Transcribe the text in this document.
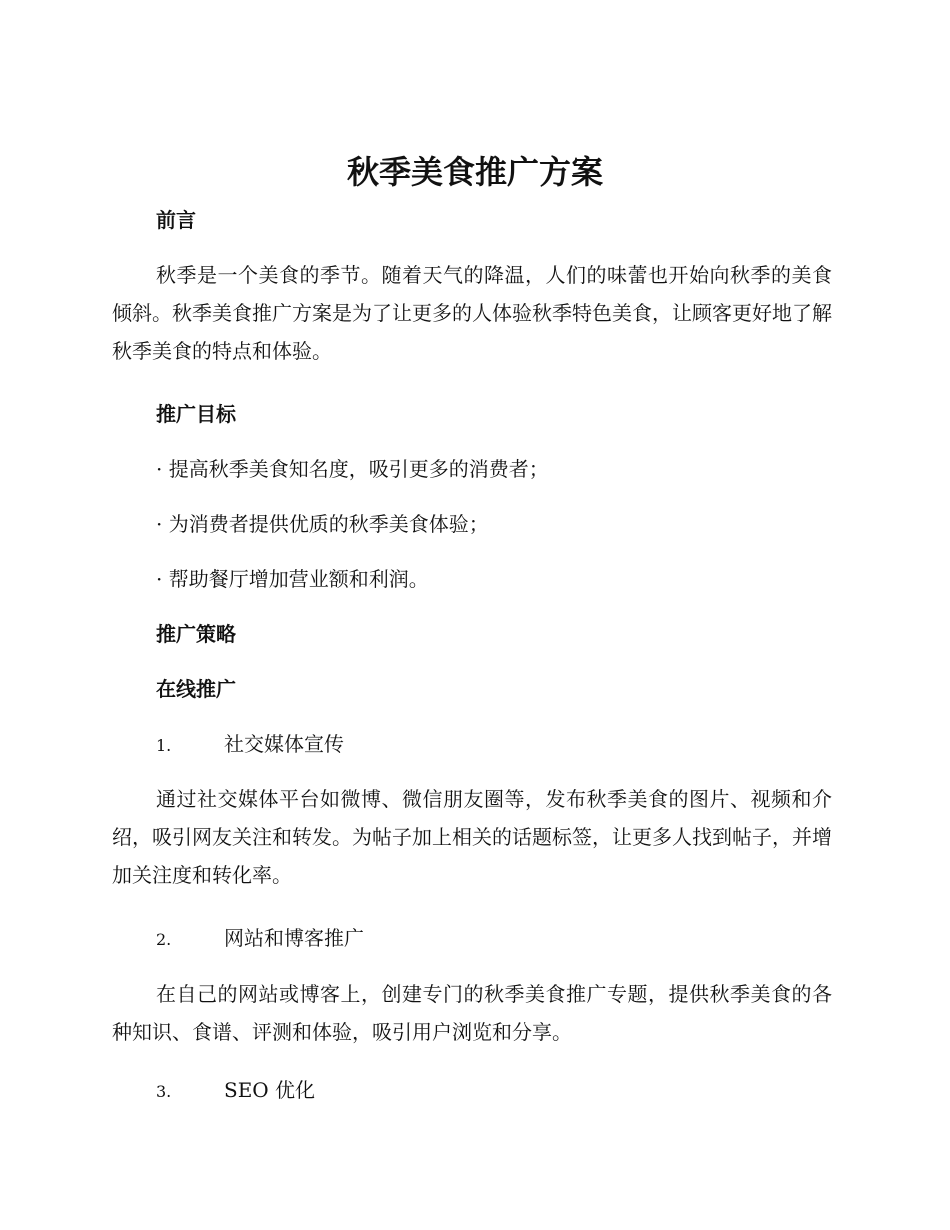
秋季美食推广方案
前言

秋季是一个美食的季节。随着天气的降温，人们的味蕾也开始向秋季的美食倾斜。秋季美食推广方案是为了让更多的人体验秋季特色美食，让顾客更好地了解秋季美食的特点和体验。

推广目标

· 提高秋季美食知名度，吸引更多的消费者；

· 为消费者提供优质的秋季美食体验；

· 帮助餐厅增加营业额和利润。

推广策略
在线推广

1.	社交媒体宣传

通过社交媒体平台如微博、微信朋友圈等，发布秋季美食的图片、视频和介绍，吸引网友关注和转发。为帖子加上相关的话题标签，让更多人找到帖子，并增加关注度和转化率。

2.	网站和博客推广

在自己的网站或博客上，创建专门的秋季美食推广专题，提供秋季美食的各种知识、食谱、评测和体验，吸引用户浏览和分享。

3.	SEO 优化
